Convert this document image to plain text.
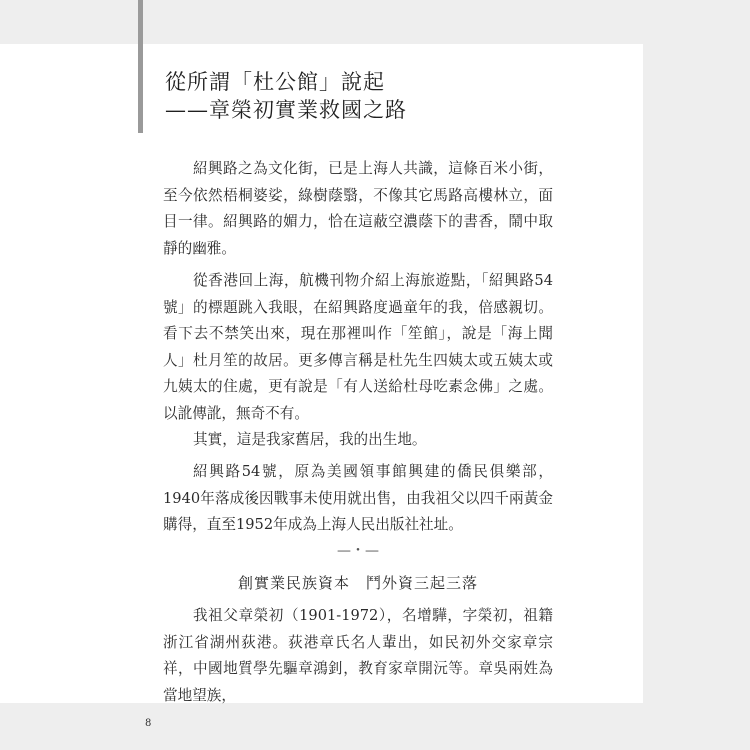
從所謂「杜公館」說起
——章榮初實業救國之路

紹興路之為文化街，已是上海人共識，這條百米小街，至今依然梧桐婆娑，綠樹蔭翳，不像其它馬路高樓林立，面目一律。紹興路的媚力，恰在這蔽空濃蔭下的書香，鬧中取靜的幽雅。

從香港回上海，航機刊物介紹上海旅遊點，「紹興路54號」的標題跳入我眼，在紹興路度過童年的我，倍感親切。看下去不禁笑出來，現在那裡叫作「笙館」，說是「海上聞人」杜月笙的故居。更多傳言稱是杜先生四姨太或五姨太或九姨太的住處，更有說是「有人送給杜母吃素念佛」之處。以訛傳訛，無奇不有。

其實，這是我家舊居，我的出生地。

紹興路54號，原為美國領事館興建的僑民俱樂部，1940年落成後因戰事未使用就出售，由我祖父以四千兩黃金購得，直至1952年成為上海人民出版社社址。

—・—
創實業民族資本　鬥外資三起三落

我祖父章榮初（1901-1972），名增驊，字榮初，祖籍浙江省湖州荻港。荻港章氏名人輩出，如民初外交家章宗祥，中國地質學先驅章鴻釗，教育家章開沅等。章吳兩姓為當地望族，

8
